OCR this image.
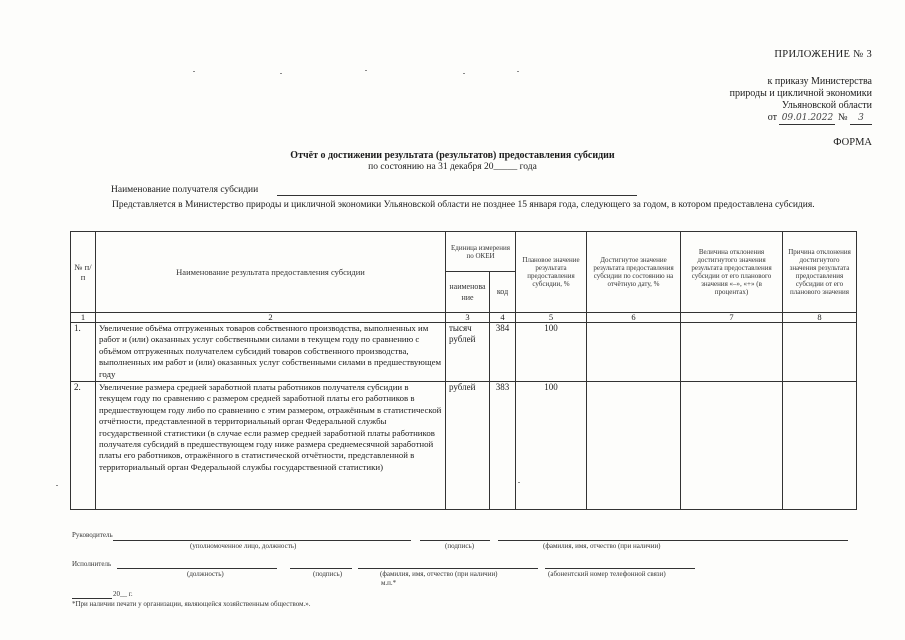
ПРИЛОЖЕНИЕ № 3
к приказу Министерства
природы и цикличной экономики
Ульяновской области
от 09.01.2022 № 3
ФОРМА
Отчёт о достижении результата (результатов) предоставления субсидии
по состоянию на 31 декабря 20_____ года
Наименование получателя субсидии
Представляется в Министерство природы и цикличной экономики Ульяновской области не позднее 15 января года, следующего за годом, в котором предоставлена субсидия.
№ п/п	Наименование результата предоставления субсидии	Единица измерения по ОКЕИ		Плановое значение результата предоставления субсидии, %	Достигнутое значение результата предоставления субсидии по состоянию на отчётную дату, %	Величина отклонения достигнутого значения результата предоставления субсидии от его планового значения «–», «+» (в процентах)	Причина отклонения достигнутого значения результата предоставления субсидии от его планового значения
		наименование	код				
1	2	3	4	5	6	7	8
1.	Увеличение объёма отгруженных товаров собственного производства, выполненных им работ и (или) оказанных услуг собственными силами в текущем году по сравнению с объёмом отгруженных получателем субсидий товаров собственного производства, выполненных им работ и (или) оказанных услуг собственными силами в предшествующем году	тысяч рублей	384	100			
2.	Увеличение размера средней заработной платы работников получателя субсидии в текущем году по сравнению с размером средней заработной платы его работников в предшествующем году либо по сравнению с этим размером, отражённым в статистической отчётности, представленной в территориальный орган Федеральной службы государственной статистики (в случае если размер средней заработной платы работников получателя субсидий в предшествующем году ниже размера среднемесячной заработной платы его работников, отражённого в статистической отчётности, представленной в территориальный орган Федеральной службы государственной статистики)	рублей	383	100			
Руководитель
(уполномоченное лицо, должность)	(подпись)	(фамилия, имя, отчество (при наличии)
Исполнитель
(должность)	(подпись)	(фамилия, имя, отчество (при наличии)	(абонентский номер телефонной связи)
м.п.*
20__ г.
*При наличии печати у организации, являющейся хозяйственным обществом.».
